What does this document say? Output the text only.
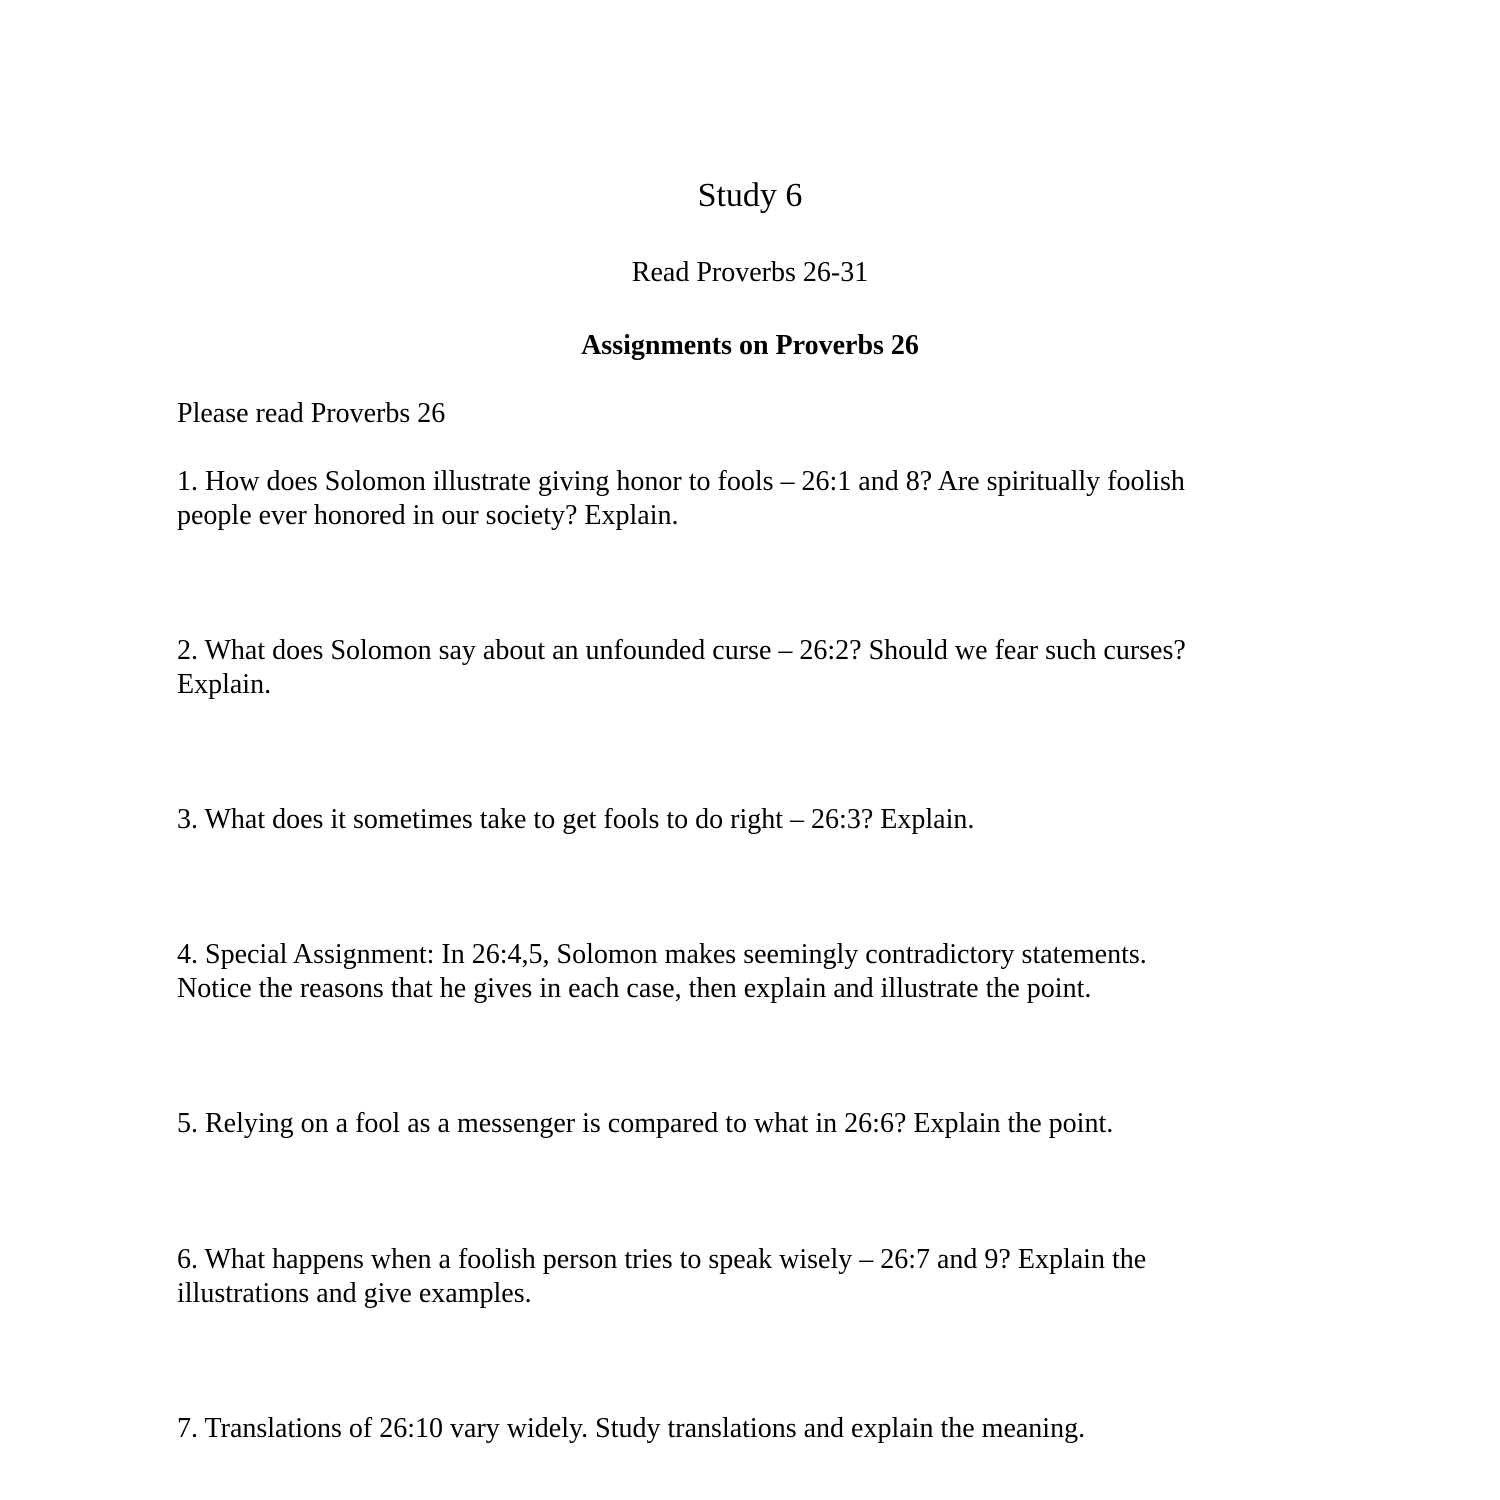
Study 6
Read Proverbs 26-31
Assignments on Proverbs 26
Please read Proverbs 26
1. How does Solomon illustrate giving honor to fools – 26:1 and 8? Are spiritually foolish
people ever honored in our society? Explain.
2. What does Solomon say about an unfounded curse – 26:2? Should we fear such curses?
Explain.
3. What does it sometimes take to get fools to do right – 26:3? Explain.
4. Special Assignment: In 26:4,5, Solomon makes seemingly contradictory statements.
Notice the reasons that he gives in each case, then explain and illustrate the point.
5. Relying on a fool as a messenger is compared to what in 26:6? Explain the point.
6. What happens when a foolish person tries to speak wisely – 26:7 and 9? Explain the
illustrations and give examples.
7. Translations of 26:10 vary widely. Study translations and explain the meaning.
